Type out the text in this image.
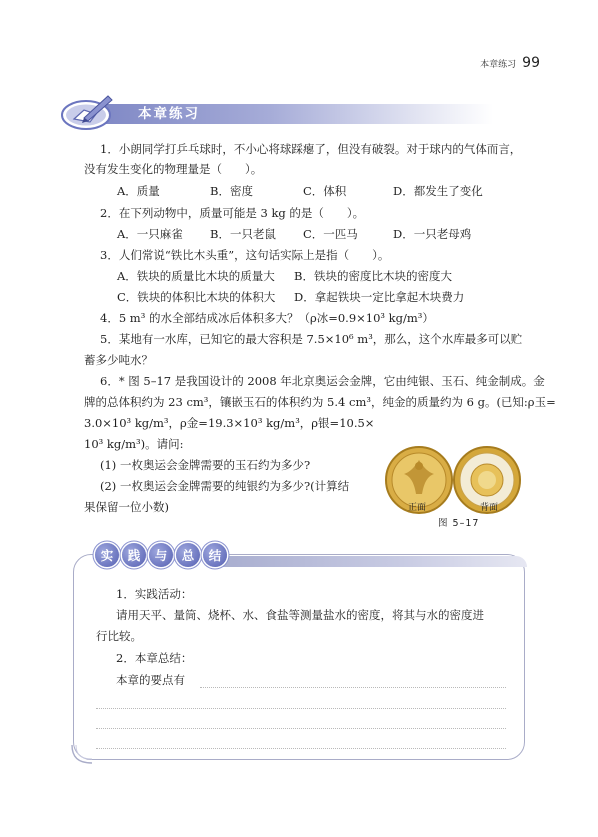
本章练习 99
本章练习
1．小朗同学打乒乓球时，不小心将球踩瘪了，但没有破裂。对于球内的气体而言，
没有发生变化的物理量是（　　）。
A．质量	B．密度	C．体积	D．都发生了变化
2．在下列动物中，质量可能是 3 kg 的是（　　）。
A．一只麻雀 B．一只老鼠 C．一匹马	D．一只老母鸡
3．人们常说“铁比木头重”，这句话实际上是指（　　）。
A．铁块的质量比木块的质量大 B．铁块的密度比木块的密度大
C．铁块的体积比木块的体积大 D．拿起铁块一定比拿起木块费力
4．5 m³ 的水全部结成冰后体积多大？（ρ冰=0.9×10³ kg/m³）
5．某地有一水库，已知它的最大容积是 7.5×10⁶ m³，那么，这个水库最多可以贮
蓄多少吨水？
6．* 图 5–17 是我国设计的 2008 年北京奥运会金牌，它由纯银、玉石、纯金制成。金
牌的总体积约为 23 cm³，镶嵌玉石的体积约为 5.4 cm³，纯金的质量约为 6 g。(已知:ρ玉=
3.0×10³ kg/m³，ρ金=19.3×10³ kg/m³，ρ银=10.5×
10³ kg/m³)。请问:
(1) 一枚奥运会金牌需要的玉石约为多少?
(2) 一枚奥运会金牌需要的纯银约为多少?(计算结
果保留一位小数)	正面	背面
图 5–17
实	践	与	总	结
1．实践活动：
请用天平、量筒、烧杯、水、食盐等测量盐水的密度，将其与水的密度进
行比较。
2．本章总结：
本章的要点有
